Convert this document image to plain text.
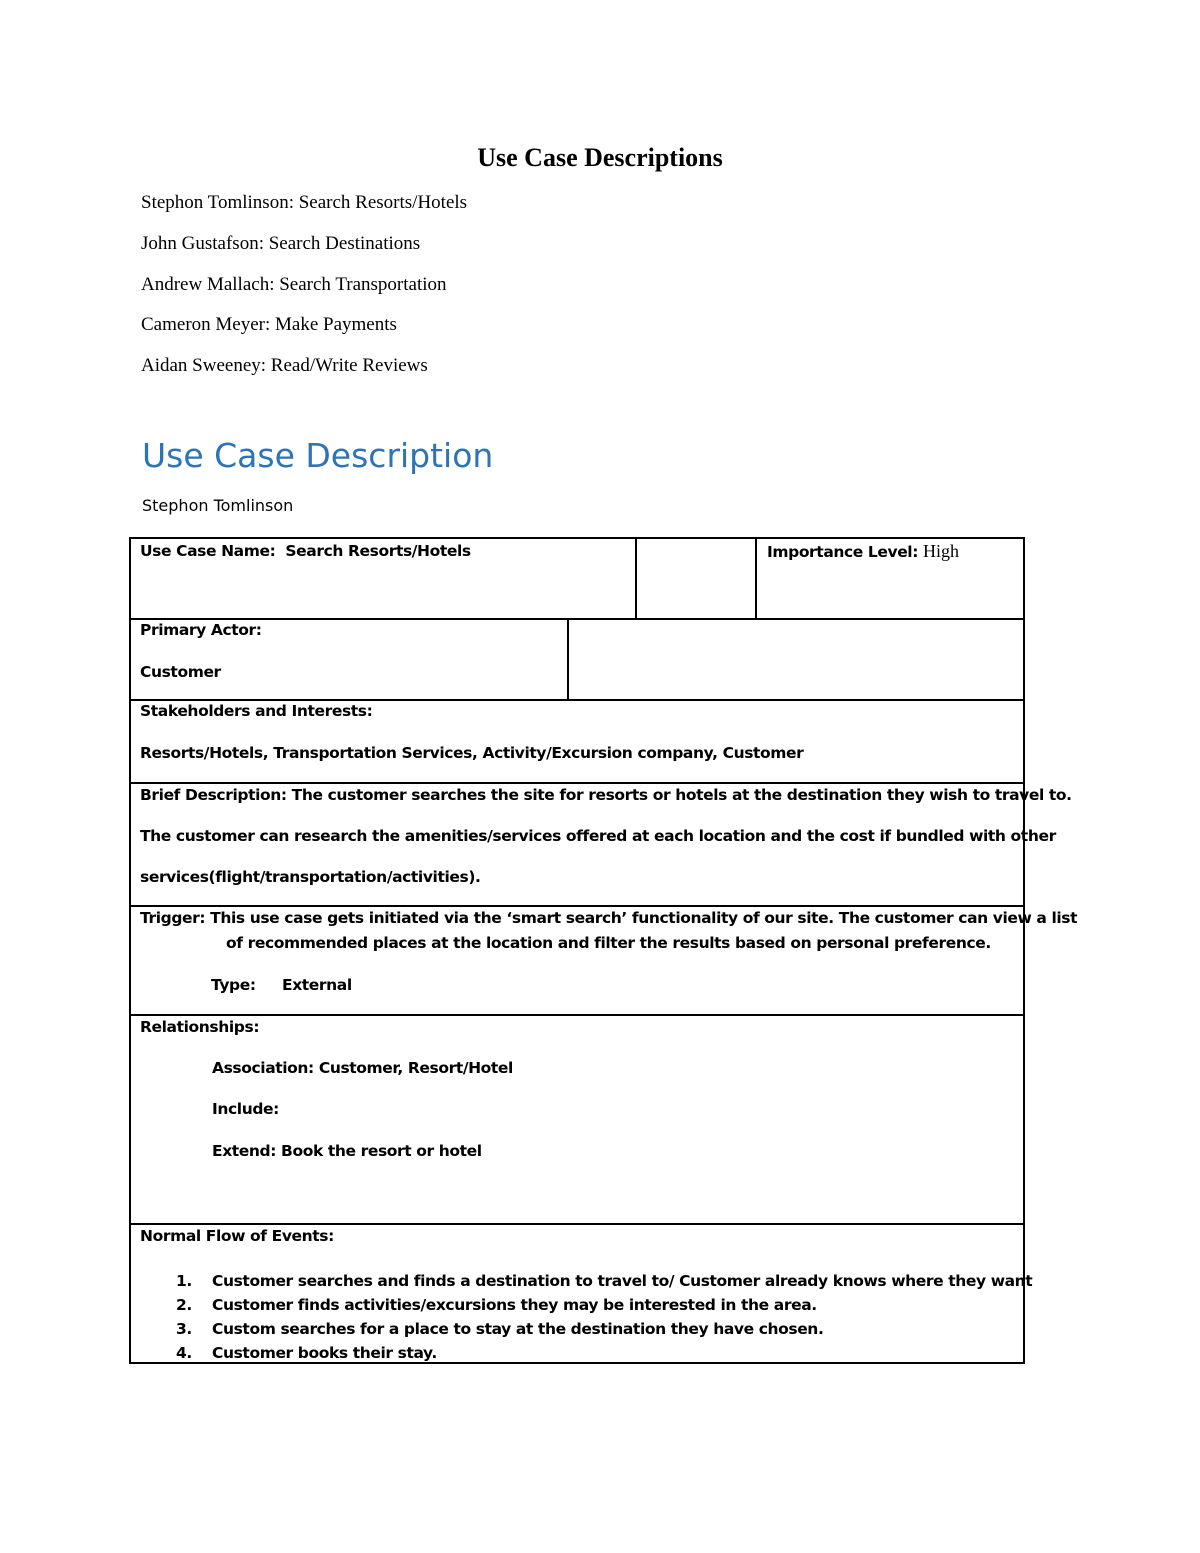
Use Case Descriptions
Stephon Tomlinson: Search Resorts/Hotels
John Gustafson: Search Destinations
Andrew Mallach: Search Transportation
Cameron Meyer: Make Payments
Aidan Sweeney: Read/Write Reviews
Use Case Description
Stephon Tomlinson
Use Case Name: Search Resorts/Hotels	Importance Level: High
Primary Actor:
Customer
Stakeholders and Interests:
Resorts/Hotels, Transportation Services, Activity/Excursion company, Customer
Brief Description: The customer searches the site for resorts or hotels at the destination they wish to travel to.
The customer can research the amenities/services offered at each location and the cost if bundled with other
services(flight/transportation/activities).
Trigger: This use case gets initiated via the ‘smart search’ functionality of our site. The customer can view a list
of recommended places at the location and filter the results based on personal preference.
Type: External
Relationships:
Association: Customer, Resort/Hotel
Include:
Extend: Book the resort or hotel
Normal Flow of Events:
1.	Customer searches and finds a destination to travel to/ Customer already knows where they want
2.	Customer finds activities/excursions they may be interested in the area.
3.	Custom searches for a place to stay at the destination they have chosen.
4.	Customer books their stay.
